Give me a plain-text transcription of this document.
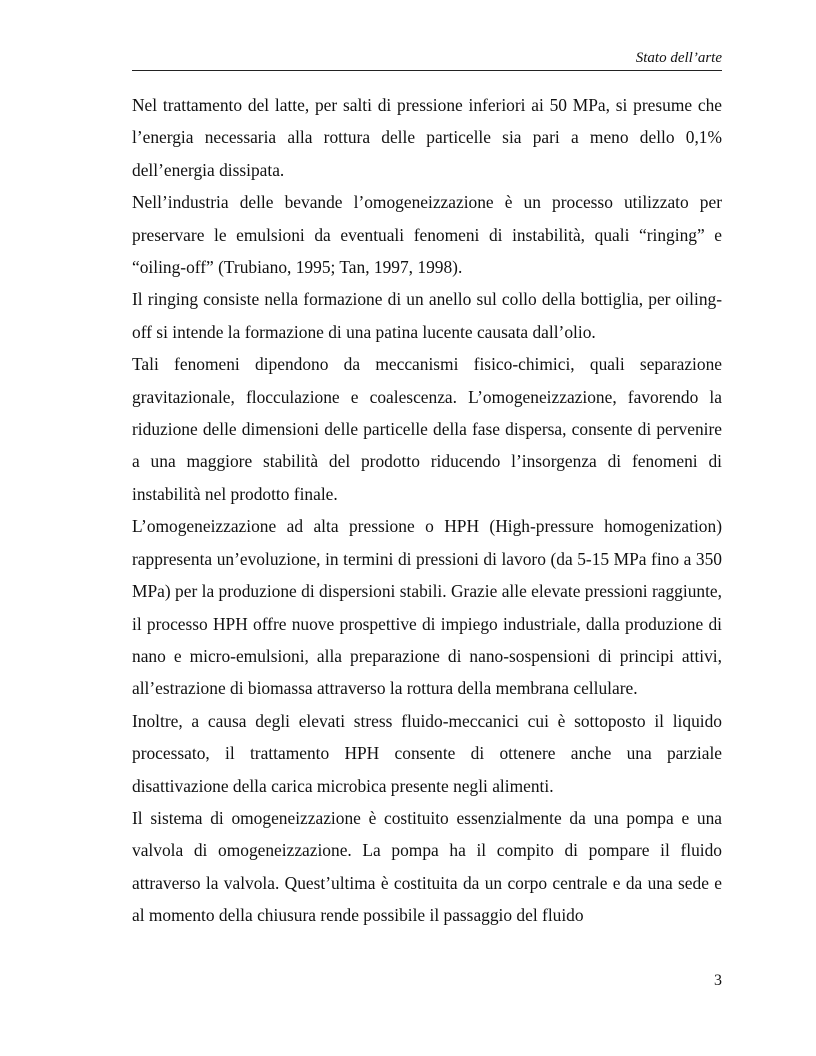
Stato dell’arte

Nel trattamento del latte, per salti di pressione inferiori ai 50 MPa, si presume che l’energia necessaria alla rottura delle particelle sia pari a meno dello 0,1% dell’energia dissipata.

Nell’industria delle bevande l’omogeneizzazione è un processo utilizzato per preservare le emulsioni da eventuali fenomeni di instabilità, quali “ringing” e “oiling-off” (Trubiano, 1995; Tan, 1997, 1998).

Il ringing consiste nella formazione di un anello sul collo della bottiglia, per oiling-off si intende la formazione di una patina lucente causata dall’olio.

Tali fenomeni dipendono da meccanismi fisico-chimici, quali separazione gravitazionale, flocculazione e coalescenza. L’omogeneizzazione, favorendo la riduzione delle dimensioni delle particelle della fase dispersa, consente di pervenire a una maggiore stabilità del prodotto riducendo l’insorgenza di fenomeni di instabilità nel prodotto finale.

L’omogeneizzazione ad alta pressione o HPH (High-pressure homogenization) rappresenta un’evoluzione, in termini di pressioni di lavoro (da 5-15 MPa fino a 350 MPa) per la produzione di dispersioni stabili. Grazie alle elevate pressioni raggiunte, il processo HPH offre nuove prospettive di impiego industriale, dalla produzione di nano e micro-emulsioni, alla preparazione di nano-sospensioni di principi attivi, all’estrazione di biomassa attraverso la rottura della membrana cellulare.

Inoltre, a causa degli elevati stress fluido-meccanici cui è sottoposto il liquido processato, il trattamento HPH consente di ottenere anche una parziale disattivazione della carica microbica presente negli alimenti.

Il sistema di omogeneizzazione è costituito essenzialmente da una pompa e una valvola di omogeneizzazione. La pompa ha il compito di pompare il fluido attraverso la valvola. Quest’ultima è costituita da un corpo centrale e da una sede e al momento della chiusura rende possibile il passaggio del fluido

3
